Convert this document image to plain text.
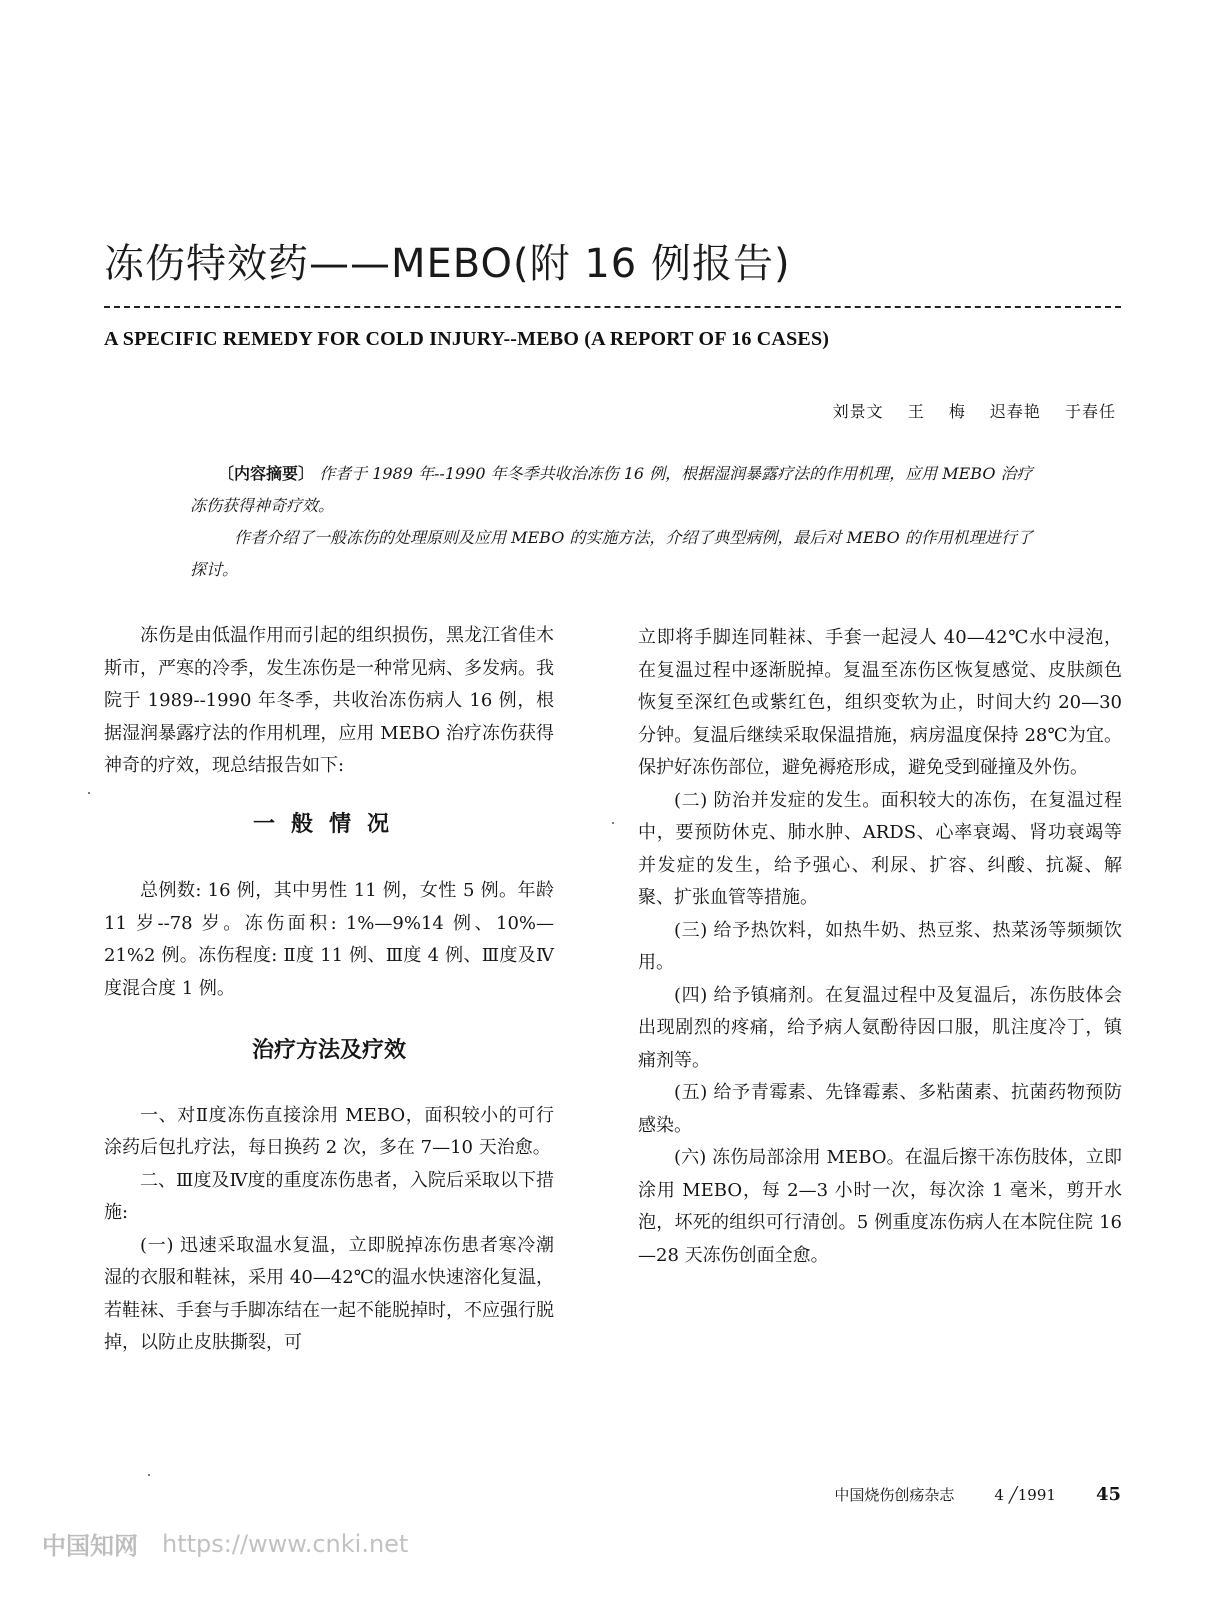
冻伤特效药——MEBO(附 16 例报告)
A SPECIFIC REMEDY FOR COLD INJURY--MEBO (A REPORT OF 16 CASES)
刘景文 王 梅 迟春艳 于春任

〔内容摘要〕 作者于 1989 年--1990 年冬季共收治冻伤 16 例，根据湿润暴露疗法的作用机理，应用 MEBO 治疗冻伤获得神奇疗效。

作者介绍了一般冻伤的处理原则及应用 MEBO 的实施方法，介绍了典型病例，最后对 MEBO 的作用机理进行了探讨。

冻伤是由低温作用而引起的组织损伤，黑龙江省佳木斯市，严寒的冷季，发生冻伤是一种常见病、多发病。我院于 1989--1990 年冬季，共收治冻伤病人 16 例，根据湿润暴露疗法的作用机理，应用 MEBO 治疗冻伤获得神奇的疗效，现总结报告如下:

一般情况

总例数: 16 例，其中男性 11 例，女性 5 例。年龄 11 岁--78 岁。冻伤面积: 1%—9%14 例、10%—21%2 例。冻伤程度: Ⅱ度 11 例、Ⅲ度 4 例、Ⅲ度及Ⅳ度混合度 1 例。

治疗方法及疗效

一、对Ⅱ度冻伤直接涂用 MEBO，面积较小的可行涂药后包扎疗法，每日换药 2 次，多在 7—10 天治愈。

二、Ⅲ度及Ⅳ度的重度冻伤患者，入院后采取以下措施:

(一) 迅速采取温水复温，立即脱掉冻伤患者寒冷潮湿的衣服和鞋袜，采用 40—42℃的温水快速溶化复温，若鞋袜、手套与手脚冻结在一起不能脱掉时，不应强行脱掉，以防止皮肤撕裂，可

立即将手脚连同鞋袜、手套一起浸人 40—42℃水中浸泡，在复温过程中逐渐脱掉。复温至冻伤区恢复感觉、皮肤颜色恢复至深红色或紫红色，组织变软为止，时间大约 20—30 分钟。复温后继续采取保温措施，病房温度保持 28℃为宜。保护好冻伤部位，避免褥疮形成，避免受到碰撞及外伤。

(二) 防治并发症的发生。面积较大的冻伤，在复温过程中，要预防休克、肺水肿、ARDS、心率衰竭、肾功衰竭等并发症的发生，给予强心、利尿、扩容、纠酸、抗凝、解聚、扩张血管等措施。

(三) 给予热饮料，如热牛奶、热豆浆、热菜汤等频频饮用。

(四) 给予镇痛剂。在复温过程中及复温后，冻伤肢体会出现剧烈的疼痛，给予病人氨酚待因口服，肌注度冷丁，镇痛剂等。

(五) 给予青霉素、先锋霉素、多粘菌素、抗菌药物预防感染。

(六) 冻伤局部涂用 MEBO。在温后擦干冻伤肢体，立即涂用 MEBO，每 2—3 小时一次，每次涂 1 毫米，剪开水泡，坏死的组织可行清创。5 例重度冻伤病人在本院住院 16—28 天冻伤创面全愈。

中国烧伤创疡杂志	4 ╱1991 45
中国知网 https://www.cnki.net
